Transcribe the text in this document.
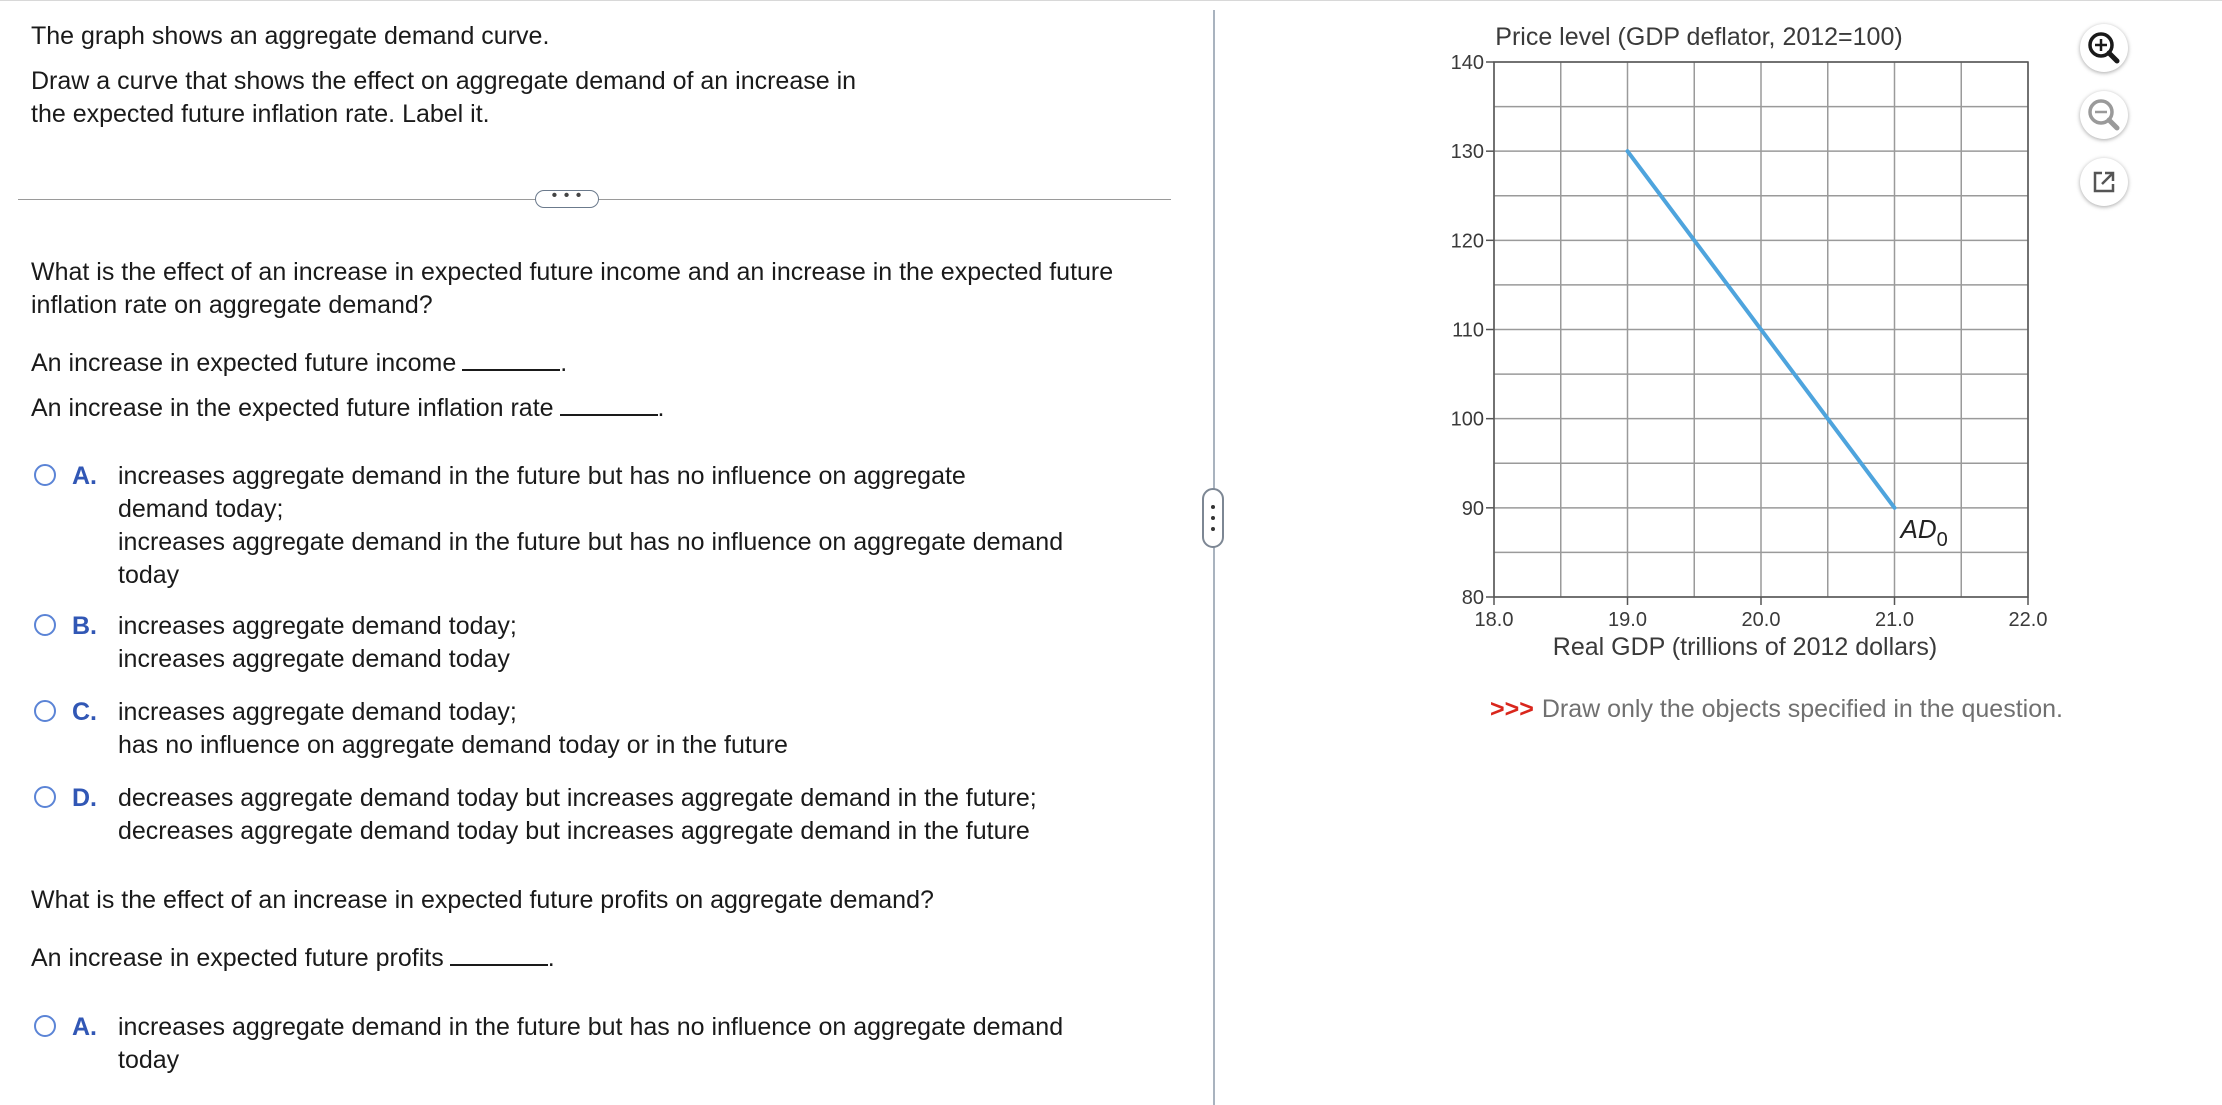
The graph shows an aggregate demand curve.

Draw a curve that shows the effect on aggregate demand of an increase in

the expected future inflation rate. Label it.

• • •

What is the effect of an increase in expected future income and an increase in the expected future

inflation rate on aggregate demand?

An increase in expected future income	.

An increase in the expected future inflation rate	.

A. increases aggregate demand in the future but has no influence on aggregate
demand today;
increases aggregate demand in the future but has no influence on aggregate demand
today
B. increases aggregate demand today;
increases aggregate demand today
C. increases aggregate demand today;
has no influence on aggregate demand today or in the future
D. decreases aggregate demand today but increases aggregate demand in the future;
decreases aggregate demand today but increases aggregate demand in the future

What is the effect of an increase in expected future profits on aggregate demand?

An increase in expected future profits	.

A. increases aggregate demand in the future but has no influence on aggregate demand
today
80
90
100
110
120
130
140
18.0	19.0	20.0	21.0	22.0
$AD_0$
Price level (GDP deflator, 2012=100)
Real GDP (trillions of 2012 dollars)
>>> Draw only the objects specified in the question.
